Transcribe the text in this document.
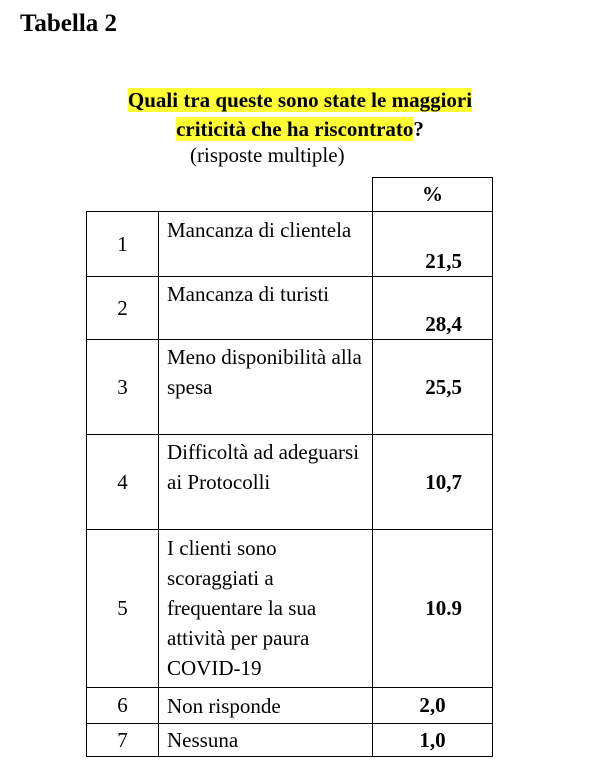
Tabella 2
Quali tra queste sono state le maggiori
criticità che ha riscontrato?
(risposte multiple)
		%
1	Mancanza di clientela	21,5
2	Mancanza di turisti	28,4
3	Meno disponibilità alla spesa	25,5
4	Difficoltà ad adeguarsi ai Protocolli	10,7
5	I clienti sono scoraggiati a frequentare la sua attività per paura COVID-19	10.9
6	Non risponde	2,0
7	Nessuna	1,0
